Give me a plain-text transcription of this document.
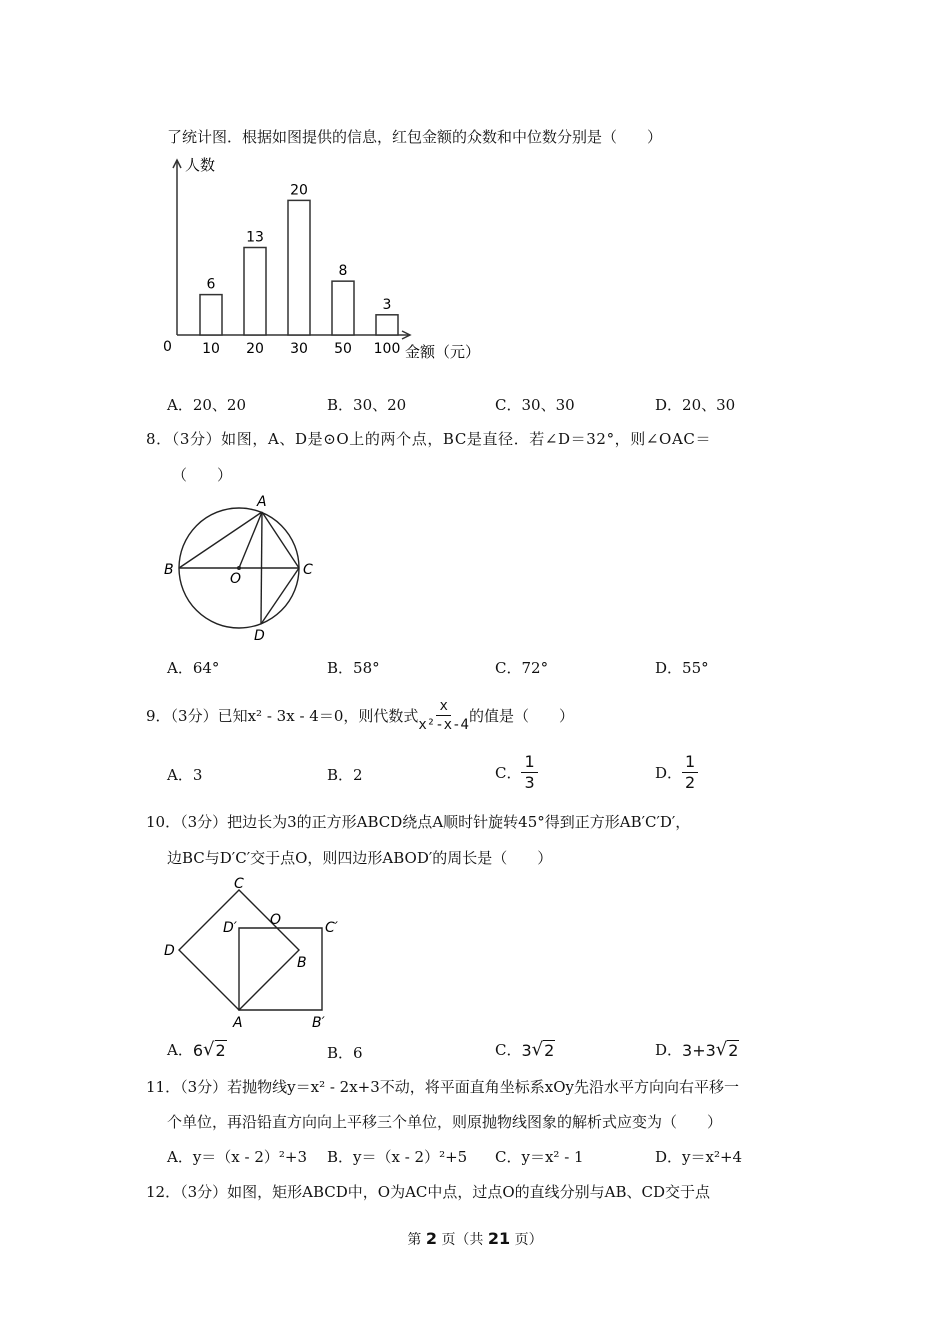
了统计图．根据如图提供的信息，红包金额的众数和中位数分别是（　　）
人数
金额（元）
0
6
10
13
20
20
30
8
50
3
100
A．20、20	B．30、20	C．30、30	D．20、30
8．（3分）如图，A、D是⊙O上的两个点，BC是直径．若∠D＝32°，则∠OAC＝
（　　）
A
B	C
D
O
A．64°	B．58°	C．72°	D．55°
9．（3分）已知 x² - 3x - 4＝0，则代数式 $\frac{x}{\text{x²-x-4}}$ 的值是（　　）
A．3	B．2	C． $\frac{1}{3}$	D． $\frac{1}{2}$
10．（3分）把边长为3的正方形ABCD绕点A顺时针旋转45°得到正方形AB′C′D′，
边BC与D′C′交于点O，则四边形ABOD′的周长是（　　）
C
D′ O	C′
D
B
A	B′
A． 6 √ 2	B．6	C． 3 √ 2	D． 3+3 √ 2
11．（3分）若抛物线y＝x² - 2x+3不动，将平面直角坐标系xOy先沿水平方向向右平移一
个单位，再沿铅直方向向上平移三个单位，则原抛物线图象的解析式应变为（　　）
A．y＝（x - 2）²+3 B．y＝（x - 2）²+5 C．y＝x² - 1	D．y＝x²+4
12．（3分）如图，矩形ABCD中，O为AC中点，过点O的直线分别与AB、CD交于点
第 2 页（共 21 页）
